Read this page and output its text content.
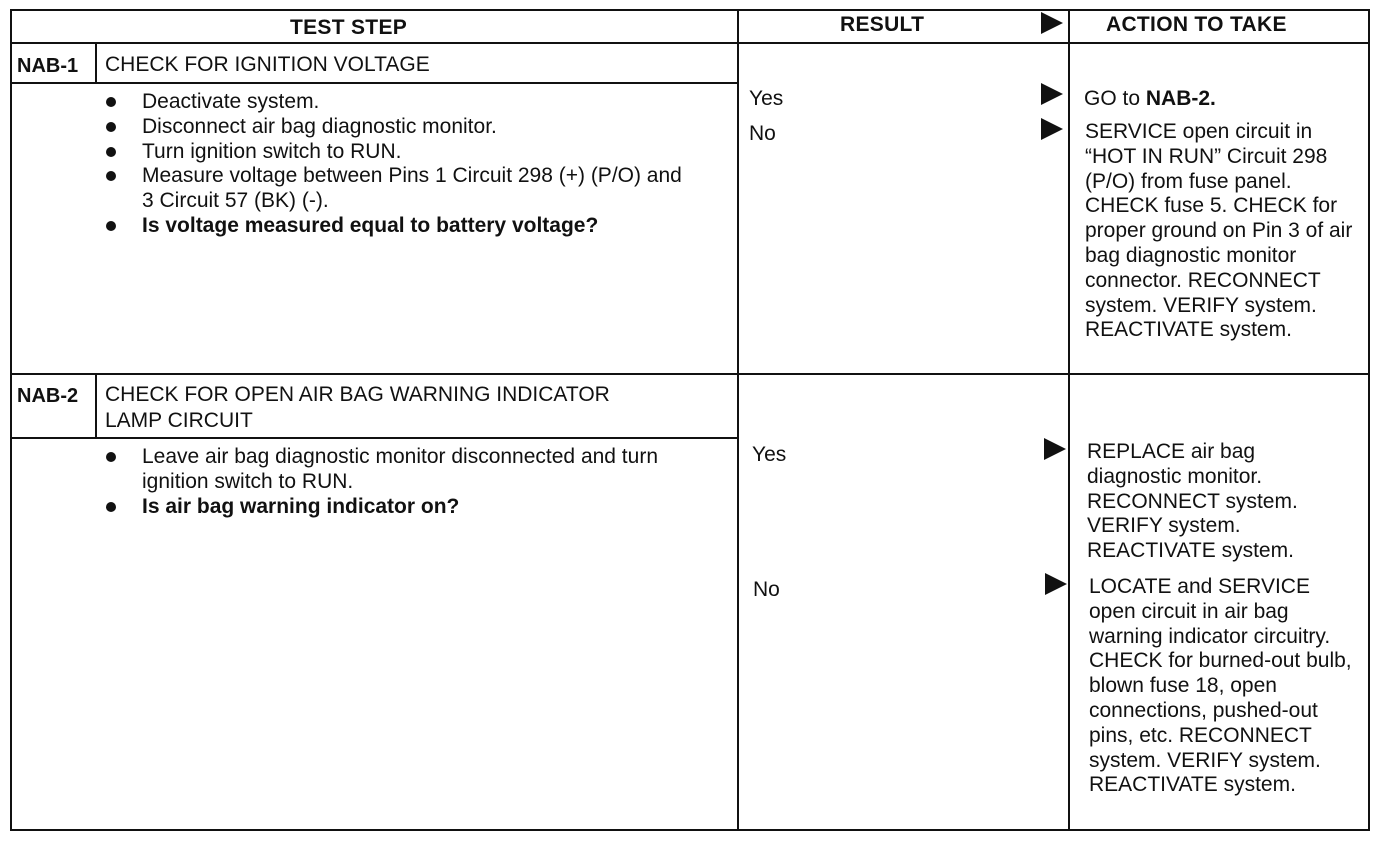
TEST STEP	RESULT	ACTION TO TAKE
NAB-1 CHECK FOR IGNITION VOLTAGE
Deactivate system.
Disconnect air bag diagnostic monitor.
Turn ignition switch to RUN.
Measure voltage between Pins 1 Circuit 298 (+) (P/O) and 3 Circuit 57 (BK) (-).
Is voltage measured equal to battery voltage?
Yes	GO to NAB-2.
No	SERVICE open circuit in “HOT IN RUN” Circuit 298 (P/O) from fuse panel. CHECK fuse 5. CHECK for proper ground on Pin 3 of air bag diagnostic monitor connector. RECONNECT system. VERIFY system. REACTIVATE system.
NAB-2 CHECK FOR OPEN AIR BAG WARNING INDICATOR LAMP CIRCUIT
Leave air bag diagnostic monitor disconnected and turn ignition switch to RUN.
Is air bag warning indicator on?
Yes	REPLACE air bag diagnostic monitor. RECONNECT system. VERIFY system. REACTIVATE system.
No	LOCATE and SERVICE open circuit in air bag warning indicator circuitry. CHECK for burned-out bulb, blown fuse 18, open connections, pushed-out pins, etc. RECONNECT system. VERIFY system. REACTIVATE system.
